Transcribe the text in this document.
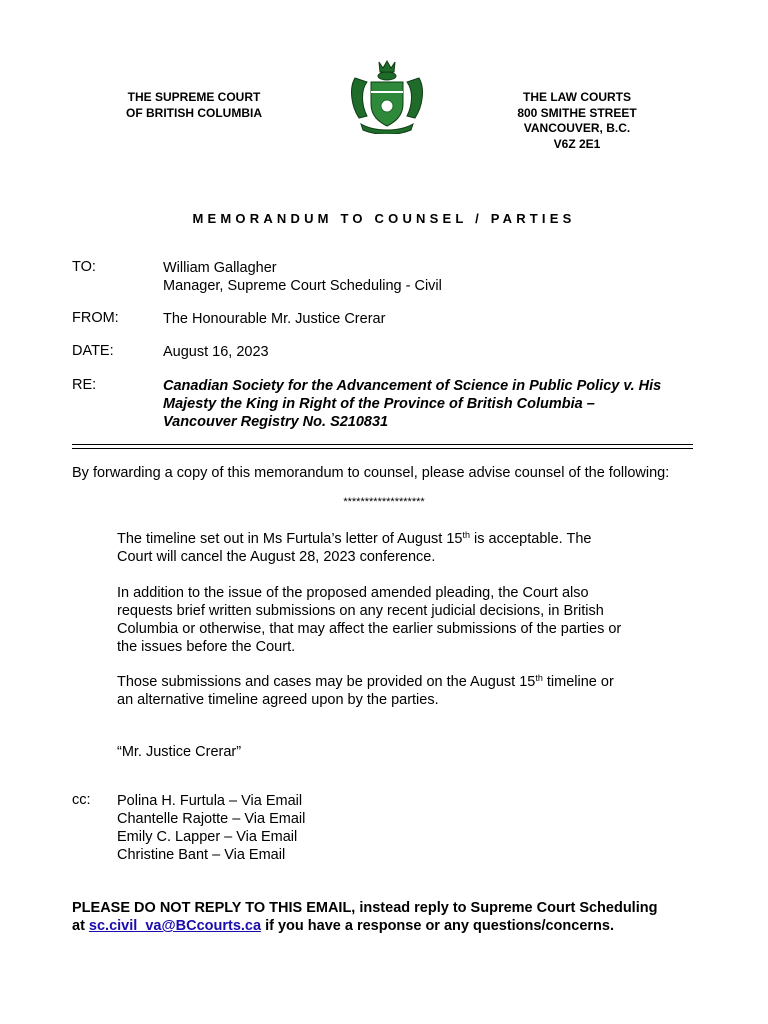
THE SUPREME COURT
OF BRITISH COLUMBIA
THE LAW COURTS
800 SMITHE STREET
VANCOUVER, B.C.
V6Z 2E1
MEMORANDUM TO COUNSEL / PARTIES
TO:	William Gallagher
Manager, Supreme Court Scheduling - Civil
FROM:	The Honourable Mr. Justice Crerar
DATE:	August 16, 2023
RE:	Canadian Society for the Advancement of Science in Public Policy v. His
Majesty the King in Right of the Province of British Columbia –
Vancouver Registry No. S210831
By forwarding a copy of this memorandum to counsel, please advise counsel of the following:
*******************
The timeline set out in Ms Furtula’s letter of August 15th is acceptable. The
Court will cancel the August 28, 2023 conference.
In addition to the issue of the proposed amended pleading, the Court also
requests brief written submissions on any recent judicial decisions, in British
Columbia or otherwise, that may affect the earlier submissions of the parties or
the issues before the Court.
Those submissions and cases may be provided on the August 15th timeline or
an alternative timeline agreed upon by the parties.
“Mr. Justice Crerar”
cc: Polina H. Furtula – Via Email
Chantelle Rajotte – Via Email
Emily C. Lapper – Via Email
Christine Bant – Via Email
PLEASE DO NOT REPLY TO THIS EMAIL, instead reply to Supreme Court Scheduling
at sc.civil_va@BCcourts.ca if you have a response or any questions/concerns.
